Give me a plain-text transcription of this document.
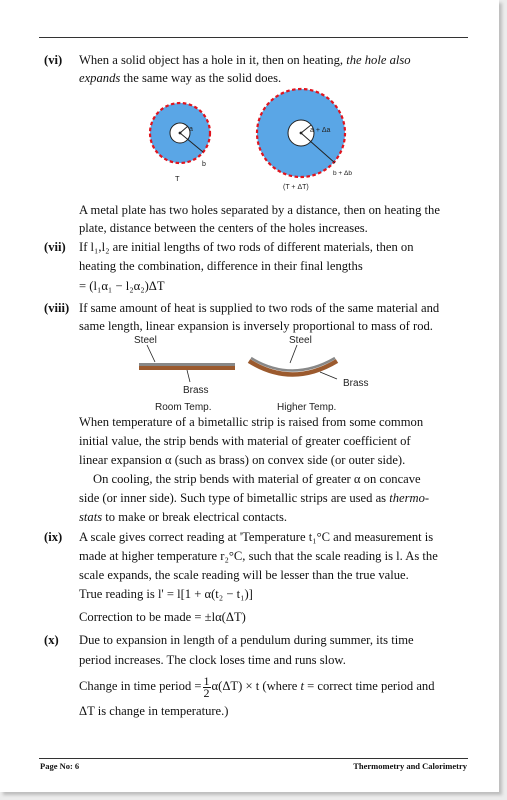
(vi) When a solid object has a hole in it, then on heating, the hole also
expands the same way as the solid does.
a
b
T
a + Δa
b + Δb
(T + ΔT)
A metal plate has two holes separated by a distance, then on heating the
plate, distance between the centers of the holes increases.
(vii) If l₁,l₂ are initial lengths of two rods of different materials, then on
heating the combination, difference in their final lengths
= (l₁α₁ − l₂α₂)ΔT
(viii) If same amount of heat is supplied to two rods of the same material and
same length, linear expansion is inversely proportional to mass of rod.
Steel
Brass
Room Temp.
Steel
Brass
Higher Temp.
When temperature of a bimetallic strip is raised from some common
initial value, the strip bends with material of greater coefficient of
linear expansion α (such as brass) on convex side (or outer side).
On cooling, the strip bends with material of greater α on concave
side (or inner side). Such type of bimetallic strips are used as thermo-
stats to make or break electrical contacts.
(ix) A scale gives correct reading at 'Temperature t₁°C and measurement is
made at higher temperature r₂°C, such that the scale reading is l. As the
scale expands, the scale reading will be lesser than the true value.
True reading is l' = l[1 + α(t₂ − t₁)]
Correction to be made = ±lα(ΔT)
(x) Due to expansion in length of a pendulum during summer, its time
period increases. The clock loses time and runs slow.
Change in time period = $\frac{1}{2} \alpha(\Delta T) \times t$ (where t = correct time period and
ΔT is change in temperature.)
Page No: 6	Thermometry and Calorimetry
